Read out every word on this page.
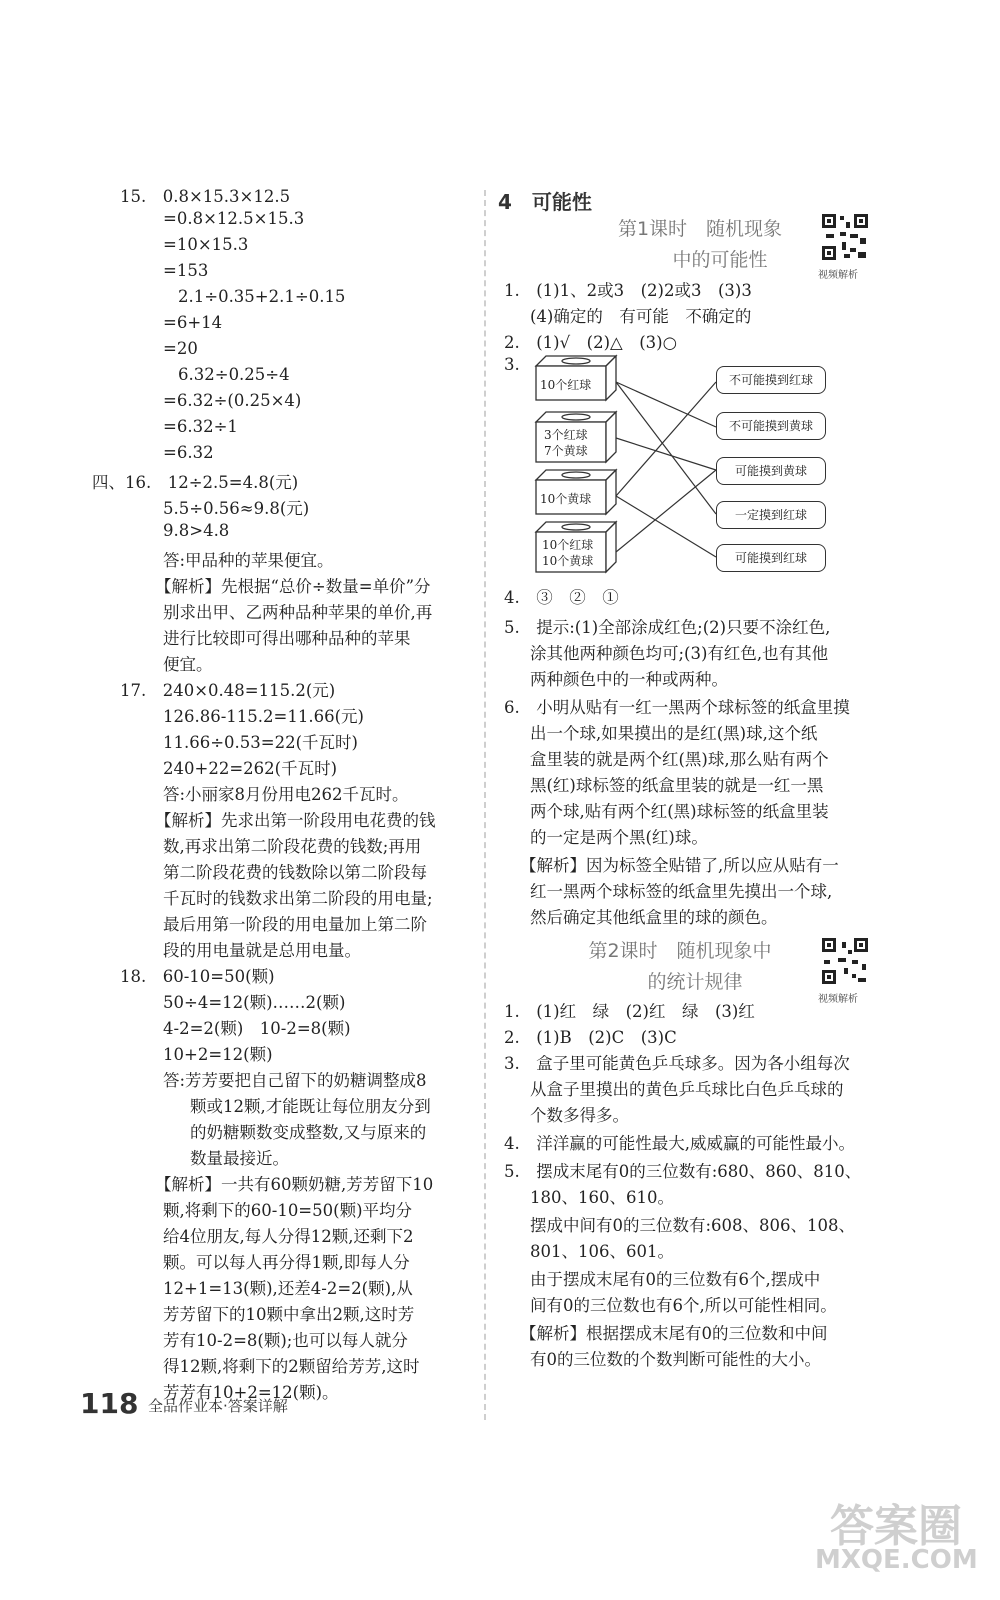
15.　0.8×15.3×12.5
=0.8×12.5×15.3
=10×15.3
=153
2.1÷0.35+2.1÷0.15
=6+14
=20
6.32÷0.25÷4
=6.32÷(0.25×4)
=6.32÷1
=6.32
四、16.　12÷2.5=4.8(元)
5.5÷0.56≈9.8(元)
9.8>4.8
答:甲品种的苹果便宜。
【解析】先根据“总价÷数量=单价”分
别求出甲、乙两种品种苹果的单价,再
进行比较即可得出哪种品种的苹果
便宜。
17.　240×0.48=115.2(元)
126.86-115.2=11.66(元)
11.66÷0.53=22(千瓦时)
240+22=262(千瓦时)
答:小丽家8月份用电262千瓦时。
【解析】先求出第一阶段用电花费的钱
数,再求出第二阶段花费的钱数;再用
第二阶段花费的钱数除以第二阶段每
千瓦时的钱数求出第二阶段的用电量;
最后用第一阶段的用电量加上第二阶
段的用电量就是总用电量。
18.　60-10=50(颗)
50÷4=12(颗)……2(颗)
4-2=2(颗)　10-2=8(颗)
10+2=12(颗)
答:芳芳要把自己留下的奶糖调整成8
颗或12颗,才能既让每位朋友分到
的奶糖颗数变成整数,又与原来的
数量最接近。
【解析】一共有60颗奶糖,芳芳留下10
颗,将剩下的60-10=50(颗)平均分
给4位朋友,每人分得12颗,还剩下2
颗。可以每人再分得1颗,即每人分
12+1=13(颗),还差4-2=2(颗),从
芳芳留下的10颗中拿出2颗,这时芳
芳有10-2=8(颗);也可以每人就分
得12颗,将剩下的2颗留给芳芳,这时
芳芳有10+2=12(颗)。
4　可能性
第1课时　随机现象
中的可能性
视频解析
1.　(1)1、2或3　(2)2或3　(3)3
(4)确定的　有可能　不确定的
2.　(1)√　(2)△　(3)○
3.
10个红球
3个红球
7个黄球
10个黄球
10个红球
10个黄球
不可能摸到红球
不可能摸到黄球
可能摸到黄球
一定摸到红球
可能摸到红球
4.　③　②　①
5.　提示:(1)全部涂成红色;(2)只要不涂红色,
涂其他两种颜色均可;(3)有红色,也有其他
两种颜色中的一种或两种。
6.　小明从贴有一红一黑两个球标签的纸盒里摸
出一个球,如果摸出的是红(黑)球,这个纸
盒里装的就是两个红(黑)球,那么贴有两个
黑(红)球标签的纸盒里装的就是一红一黑
两个球,贴有两个红(黑)球标签的纸盒里装
的一定是两个黑(红)球。
【解析】因为标签全贴错了,所以应从贴有一
红一黑两个球标签的纸盒里先摸出一个球,
然后确定其他纸盒里的球的颜色。
第2课时　随机现象中
的统计规律
视频解析
1.　(1)红　绿　(2)红　绿　(3)红
2.　(1)B　(2)C　(3)C
3.　盒子里可能黄色乒乓球多。因为各小组每次
从盒子里摸出的黄色乒乓球比白色乒乓球的
个数多得多。
4.　洋洋赢的可能性最大,威威赢的可能性最小。
5.　摆成末尾有0的三位数有:680、860、810、
180、160、610。
摆成中间有0的三位数有:608、806、108、
801、106、601。
由于摆成末尾有0的三位数有6个,摆成中
间有0的三位数也有6个,所以可能性相同。
【解析】根据摆成末尾有0的三位数和中间
有0的三位数的个数判断可能性的大小。
118 全品作业本·答案详解
答案圈
MXQE.COM
